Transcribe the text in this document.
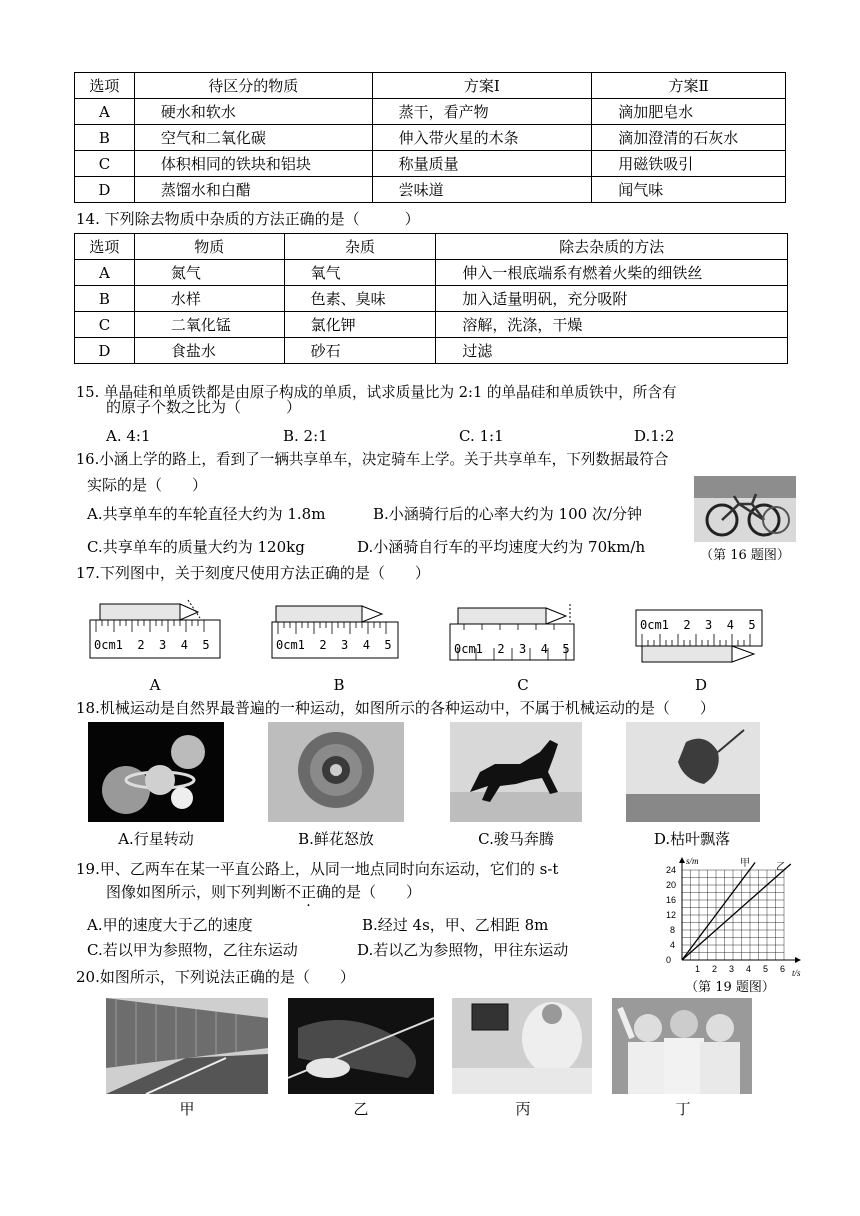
选项	待区分的物质	方案Ⅰ	方案Ⅱ
A	硬水和软水	蒸干，看产物	滴加肥皂水
B	空气和二氧化碳	伸入带火星的木条	滴加澄清的石灰水
C	体积相同的铁块和铝块	称量质量	用磁铁吸引
D	蒸馏水和白醋	尝味道	闻气味
14. 下列除去物质中杂质的方法正确的是（　　　）
选项	物质	杂质	除去杂质的方法
A	氮气	氧气	伸入一根底端系有燃着火柴的细铁丝
B	水样	色素、臭味	加入适量明矾，充分吸附
C	二氧化锰	氯化钾	溶解，洗涤，干燥
D	食盐水	砂石	过滤
15. 单晶硅和单质铁都是由原子构成的单质，试求质量比为 2:1 的单晶硅和单质铁中，所含有
的原子个数之比为（　　　）
A. 4:1	B. 2:1	C. 1:1	D.1:2
16.小涵上学的路上，看到了一辆共享单车，决定骑车上学。关于共享单车，下列数据最符合
实际的是（　　）
A.共享单车的车轮直径大约为 1.8m	B.小涵骑行后的心率大约为 100 次/分钟
C.共享单车的质量大约为 120kg	D.小涵骑自行车的平均速度大约为 70km/h	（第 16 题图）
17.下列图中，关于刻度尺使用方法正确的是（　　）
0cm1  2  3  4  5	0cm1  2  3  4  5	0cm1  2  3  4  5
0cm1  2  3  4  5
A	B	C	D
18.机械运动是自然界最普遍的一种运动，如图所示的各种运动中，不属于机械运动的是（　　）
A.行星转动	B.鲜花怒放	C.骏马奔腾	D.枯叶飘落
19.甲、乙两车在某一平直公路上，从同一地点同时向东运动，它们的 s-t
图像如图所示，则下列判断不正确的是（　　）
A.甲的速度大于乙的速度	B.经过 4s，甲、乙相距 8m
C.若以甲为参照物，乙往东运动	D.若以乙为参照物，甲往东运动
s/m
t/s
甲	乙
0
4
8
12
16
20
24
1 2 3 4 5 6
（第 19 题图）
20.如图所示，下列说法正确的是（　　）
甲	乙	丙	丁
